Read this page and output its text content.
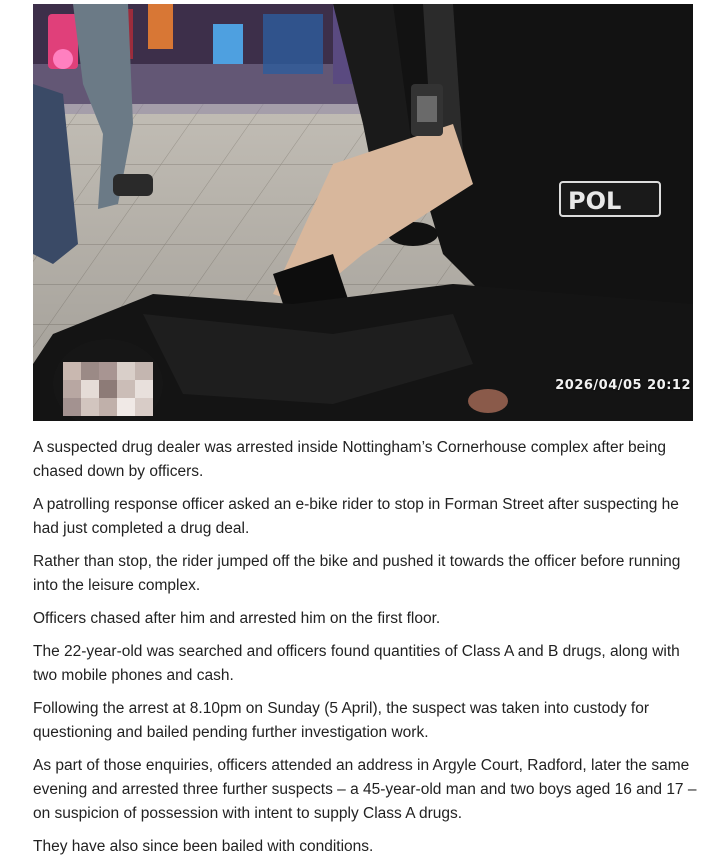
POL
2026/04/05 20:12

A suspected drug dealer was arrested inside Nottingham’s Cornerhouse complex after being chased down by officers.

A patrolling response officer asked an e-bike rider to stop in Forman Street after suspecting he had just completed a drug deal.

Rather than stop, the rider jumped off the bike and pushed it towards the officer before running into the leisure complex.

Officers chased after him and arrested him on the first floor.

The 22-year-old was searched and officers found quantities of Class A and B drugs, along with two mobile phones and cash.

Following the arrest at 8.10pm on Sunday (5 April), the suspect was taken into custody for questioning and bailed pending further investigation work.

As part of those enquiries, officers attended an address in Argyle Court, Radford, later the same evening and arrested three further suspects – a 45-year-old man and two boys aged 16 and 17 – on suspicion of possession with intent to supply Class A drugs.

They have also since been bailed with conditions.
